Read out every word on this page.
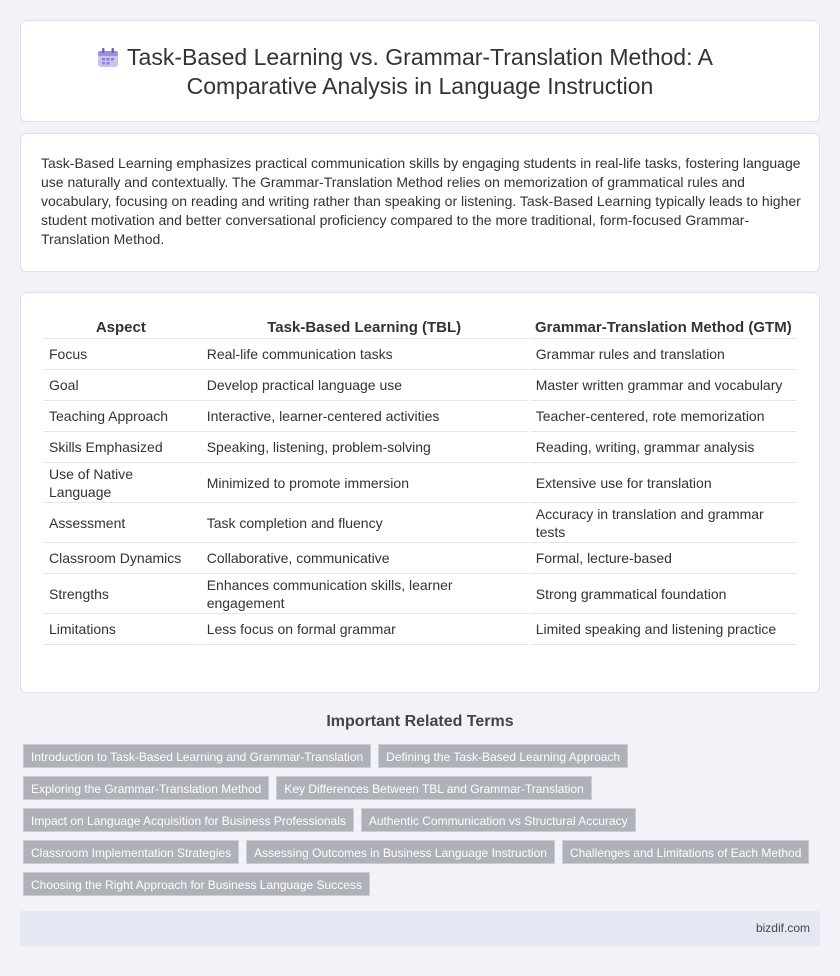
Task-Based Learning vs. Grammar-Translation Method: A Comparative Analysis in Language Instruction

Task-Based Learning emphasizes practical communication skills by engaging students in real-life tasks, fostering language use naturally and contextually. The Grammar-Translation Method relies on memorization of grammatical rules and vocabulary, focusing on reading and writing rather than speaking or listening. Task-Based Learning typically leads to higher student motivation and better conversational proficiency compared to the more traditional, form-focused Grammar-Translation Method.

Aspect	Task-Based Learning (TBL)	Grammar-Translation Method (GTM)
Focus	Real-life communication tasks	Grammar rules and translation
Goal	Develop practical language use	Master written grammar and vocabulary
Teaching Approach	Interactive, learner-centered activities	Teacher-centered, rote memorization
Skills Emphasized	Speaking, listening, problem-solving	Reading, writing, grammar analysis
Use of Native Language	Minimized to promote immersion	Extensive use for translation
Assessment	Task completion and fluency	Accuracy in translation and grammar tests
Classroom Dynamics	Collaborative, communicative	Formal, lecture-based
Strengths	Enhances communication skills, learner engagement	Strong grammatical foundation
Limitations	Less focus on formal grammar	Limited speaking and listening practice
Important Related Terms
Introduction to Task-Based Learning and Grammar-Translation	Defining the Task-Based Learning Approach
Exploring the Grammar-Translation Method	Key Differences Between TBL and Grammar-Translation
Impact on Language Acquisition for Business Professionals	Authentic Communication vs Structural Accuracy
Classroom Implementation Strategies	Assessing Outcomes in Business Language Instruction	Challenges and Limitations of Each Method
Choosing the Right Approach for Business Language Success
bizdif.com
